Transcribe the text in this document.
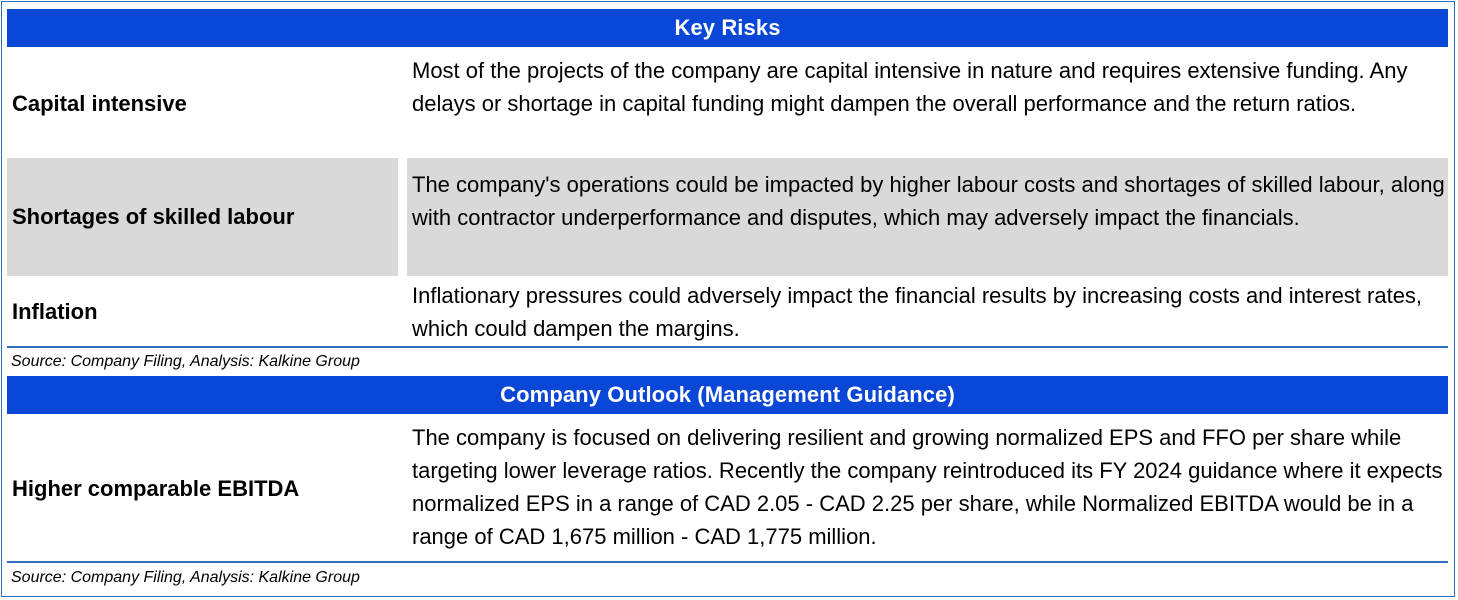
Key Risks
Capital intensive
Most of the projects of the company are capital intensive in nature and requires extensive funding. Any delays or shortage in capital funding might dampen the overall performance and the return ratios.
Shortages of skilled labour
The company's operations could be impacted by higher labour costs and shortages of skilled labour, along with contractor underperformance and disputes, which may adversely impact the financials.
Inflation
Inflationary pressures could adversely impact the financial results by increasing costs and interest rates, which could dampen the margins.
Source: Company Filing, Analysis: Kalkine Group
Company Outlook (Management Guidance)
Higher comparable EBITDA
The company is focused on delivering resilient and growing normalized EPS and FFO per share while targeting lower leverage ratios. Recently the company reintroduced its FY 2024 guidance where it expects normalized EPS in a range of CAD 2.05 - CAD 2.25 per share, while Normalized EBITDA would be in a range of CAD 1,675 million - CAD 1,775 million.
Source: Company Filing, Analysis: Kalkine Group
